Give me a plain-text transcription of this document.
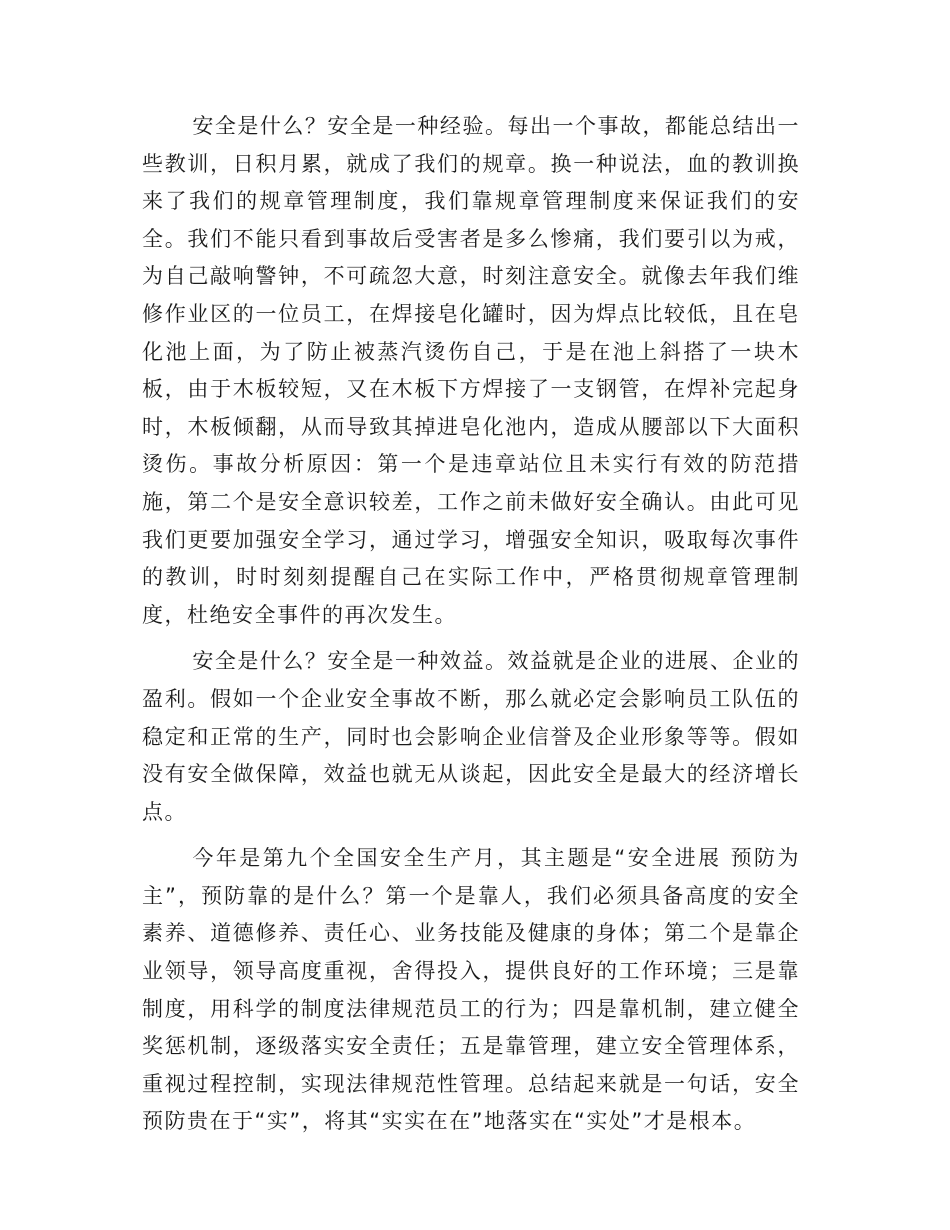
安全是什么？安全是一种经验。每出一个事故，都能总结出一些教训，日积月累，就成了我们的规章。换一种说法，血的教训换来了我们的规章管理制度，我们靠规章管理制度来保证我们的安全。我们不能只看到事故后受害者是多么惨痛，我们要引以为戒，为自己敲响警钟，不可疏忽大意，时刻注意安全。就像去年我们维修作业区的一位员工，在焊接皂化罐时，因为焊点比较低，且在皂化池上面，为了防止被蒸汽烫伤自己，于是在池上斜搭了一块木板，由于木板较短，又在木板下方焊接了一支钢管，在焊补完起身时，木板倾翻，从而导致其掉进皂化池内，造成从腰部以下大面积烫伤。事故分析原因：第一个是违章站位且未实行有效的防范措施，第二个是安全意识较差，工作之前未做好安全确认。由此可见我们更要加强安全学习，通过学习，增强安全知识，吸取每次事件的教训，时时刻刻提醒自己在实际工作中，严格贯彻规章管理制度，杜绝安全事件的再次发生。

安全是什么？安全是一种效益。效益就是企业的进展、企业的盈利。假如一个企业安全事故不断，那么就必定会影响员工队伍的稳定和正常的生产，同时也会影响企业信誉及企业形象等等。假如没有安全做保障，效益也就无从谈起，因此安全是最大的经济增长点。

今年是第九个全国安全生产月，其主题是“安全进展 预防为主”，预防靠的是什么？第一个是靠人，我们必须具备高度的安全素养、道德修养、责任心、业务技能及健康的身体；第二个是靠企业领导，领导高度重视，舍得投入，提供良好的工作环境；三是靠制度，用科学的制度法律规范员工的行为；四是靠机制，建立健全奖惩机制，逐级落实安全责任；五是靠管理，建立安全管理体系，重视过程控制，实现法律规范性管理。总结起来就是一句话，安全预防贵在于“实”，将其“实实在在”地落实在“实处”才是根本。
